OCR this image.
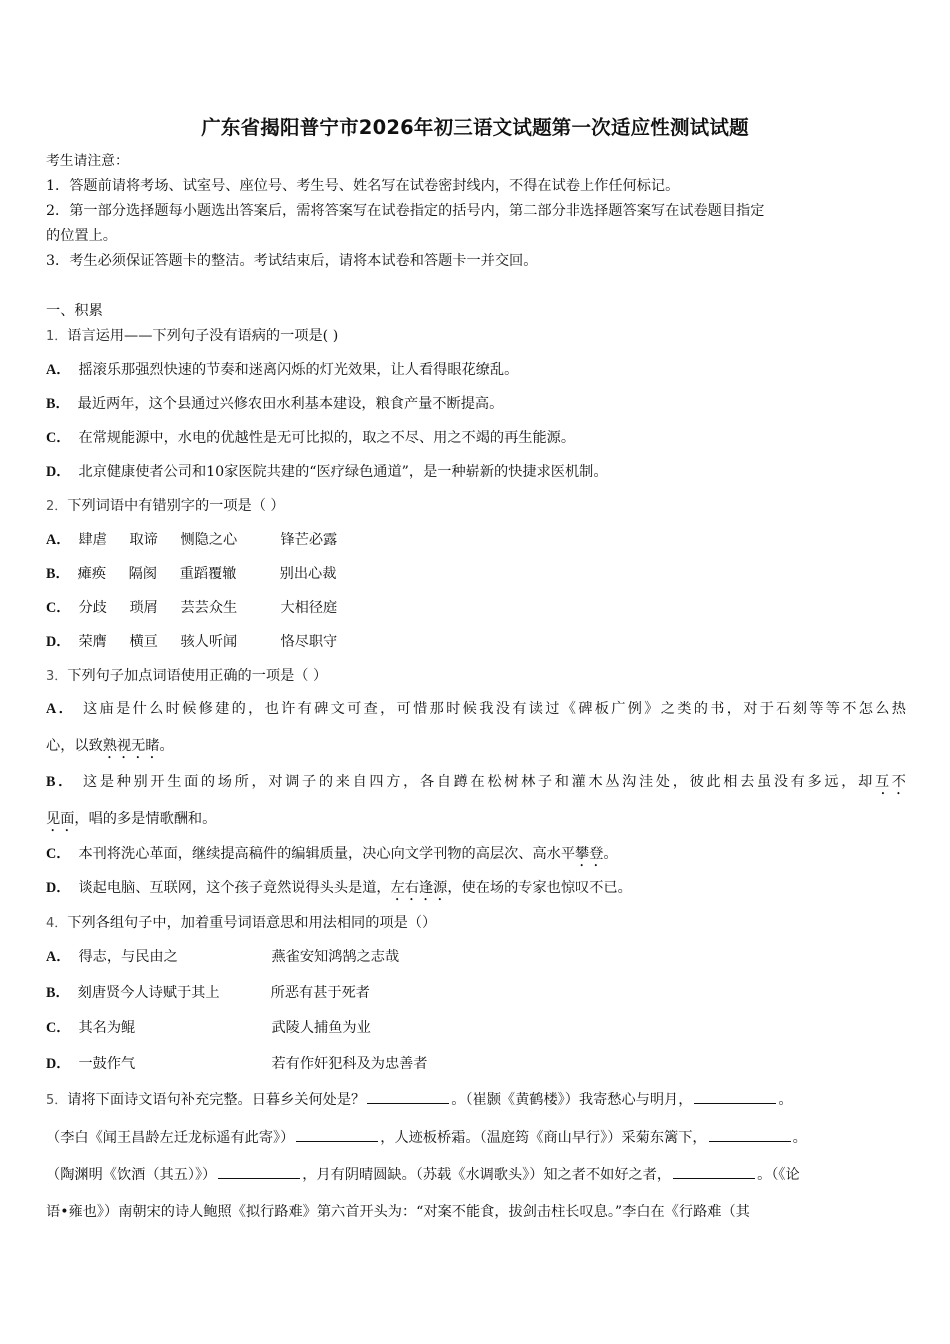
广东省揭阳普宁市2026年初三语文试题第一次适应性测试试题
考生请注意：
1．答题前请将考场、试室号、座位号、考生号、姓名写在试卷密封线内，不得在试卷上作任何标记。
2．第一部分选择题每小题选出答案后，需将答案写在试卷指定的括号内，第二部分非选择题答案写在试卷题目指定
的位置上。
3．考生必须保证答题卡的整洁。考试结束后，请将本试卷和答题卡一并交回。
一、积累
1．语言运用——下列句子没有语病的一项是( )
A． 摇滚乐那强烈快速的节奏和迷离闪烁的灯光效果，让人看得眼花缭乱。
B． 最近两年，这个县通过兴修农田水利基本建设，粮食产量不断提高。
C． 在常规能源中，水电的优越性是无可比拟的，取之不尽、用之不竭的再生能源。
D． 北京健康使者公司和10家医院共建的“医疗绿色通道”，是一种崭新的快捷求医机制。
2．下列词语中有错别字的一项是（ ）
A． 肆虐 取谛 恻隐之心	锋芒必露
B． 瘫痪 隔阂 重蹈覆辙	别出心裁
C． 分歧 琐屑 芸芸众生	大相径庭
D． 荣膺 横亘 骇人听闻	恪尽职守
3．下列句子加点词语使用正确的一项是（ ）
A． 这庙是什么时候修建的，也许有碑文可查，可惜那时候我没有读过《碑板广例》之类的书，对于石刻等等不怎么热
心，以致熟视无睹。
B． 这是种别开生面的场所，对调子的来自四方，各自蹲在松树林子和灌木丛沟洼处，彼此相去虽没有多远，却互不
见面，唱的多是情歌酬和。
C． 本刊将洗心革面，继续提高稿件的编辑质量，决心向文学刊物的高层次、高水平攀登。
D． 谈起电脑、互联网，这个孩子竟然说得头头是道，左右逢源，使在场的专家也惊叹不已。
4．下列各组句子中，加着重号词语意思和用法相同的项是（）
A． 得志，与民由之	燕雀安知鸿鹄之志哉
B． 刻唐贤今人诗赋于其上	所恶有甚于死者
C． 其名为鲲	武陵人捕鱼为业
D． 一鼓作气	若有作奸犯科及为忠善者
5．请将下面诗文语句补充完整。日暮乡关何处是？	。（崔颢《黄鹤楼》）我寄愁心与明月，	。
（李白《闻王昌龄左迁龙标遥有此寄》）	，人迹板桥霜。（温庭筠《商山早行》）采菊东篱下，	。
（陶渊明《饮酒（其五）》）	，月有阴晴圆缺。（苏载《水调歌头》）知之者不如好之者，	。（《论
语•雍也》）南朝宋的诗人鲍照《拟行路难》第六首开头为：“对案不能食，拔剑击柱长叹息。”李白在《行路难（其
